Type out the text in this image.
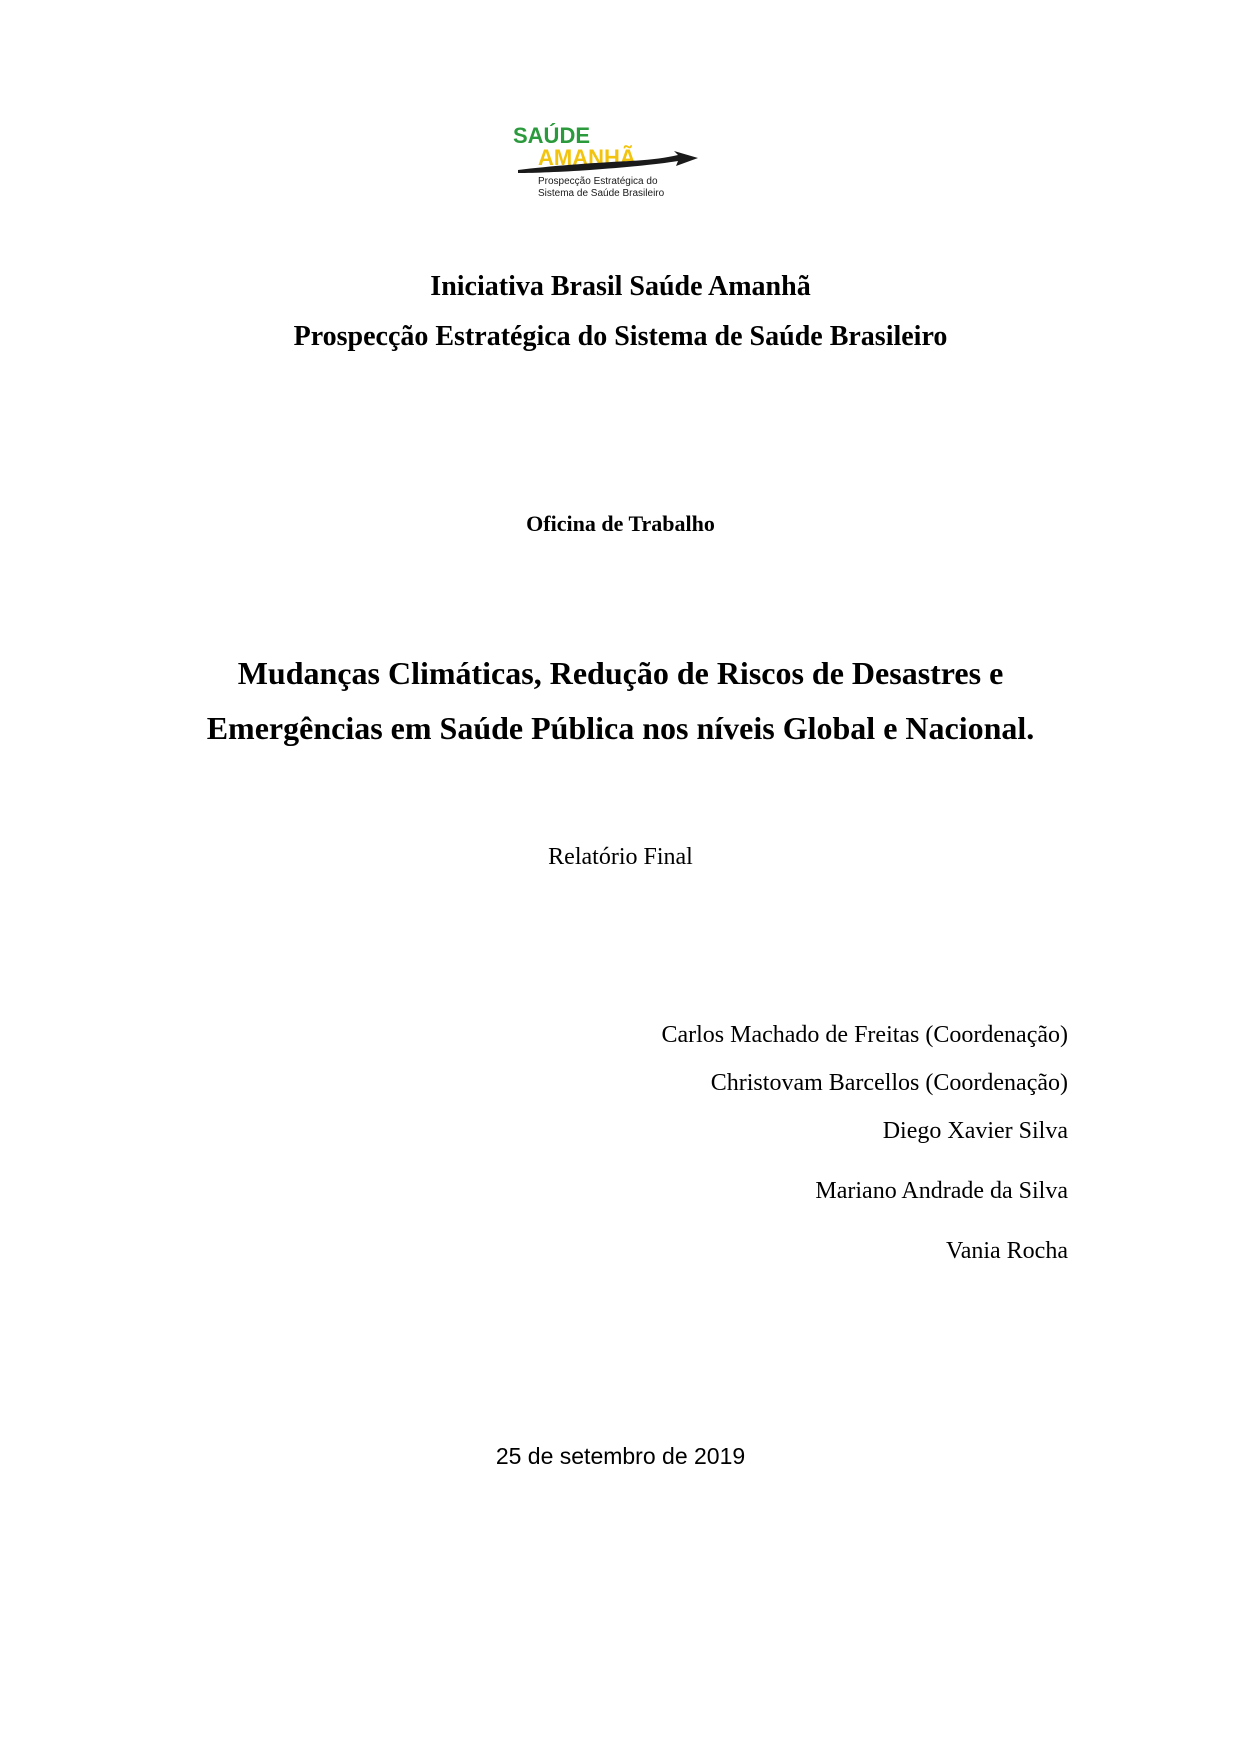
SAÚDE
AMANHÃ
Prospecção Estratégica do
Sistema de Saúde Brasileiro
Iniciativa Brasil Saúde Amanhã
Prospecção Estratégica do Sistema de Saúde Brasileiro
Oficina de Trabalho
Mudanças Climáticas, Redução de Riscos de Desastres e
Emergências em Saúde Pública nos níveis Global e Nacional.
Relatório Final
Carlos Machado de Freitas (Coordenação)
Christovam Barcellos (Coordenação)
Diego Xavier Silva
Mariano Andrade da Silva
Vania Rocha
25 de setembro de 2019
